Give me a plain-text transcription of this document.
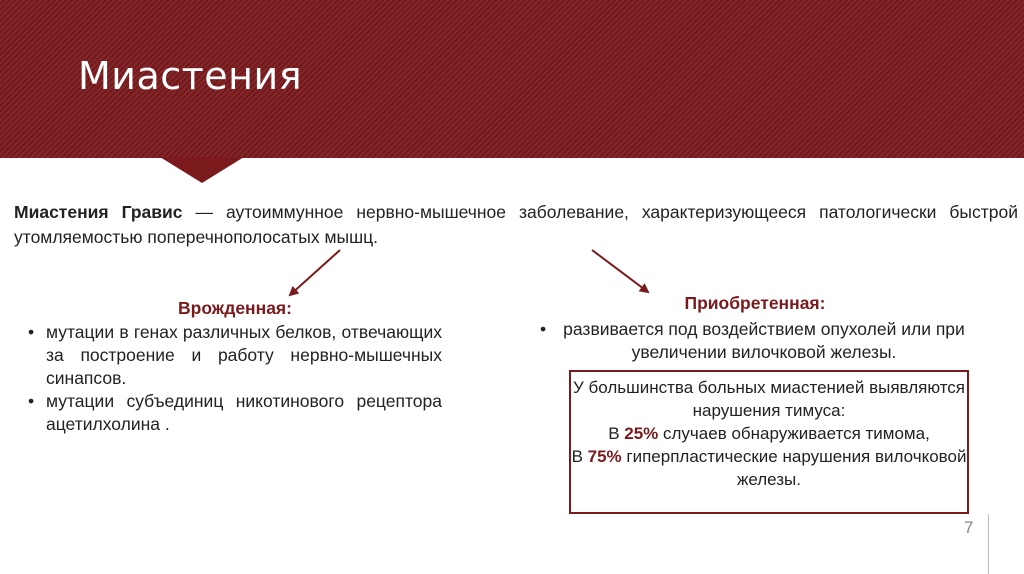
Миастения

Миастения Гравис — аутоиммунное нервно-мышечное заболевание, характеризующееся патологически быстрой утомляемостью поперечнополосатых мышц.

Врожденная:

• мутации в генах различных белков, отвечающих за построение и работу нервно-мышечных синапсов.
• мутации субъединиц никотинового рецептора ацетилхолина .

Приобретенная:

• развивается под воздействием опухолей или при увеличении вилочковой железы.
У большинства больных миастенией выявляются нарушения тимуса:
В 25% случаев обнаруживается тимома,
В 75% гиперпластические нарушения вилочковой железы.

7
